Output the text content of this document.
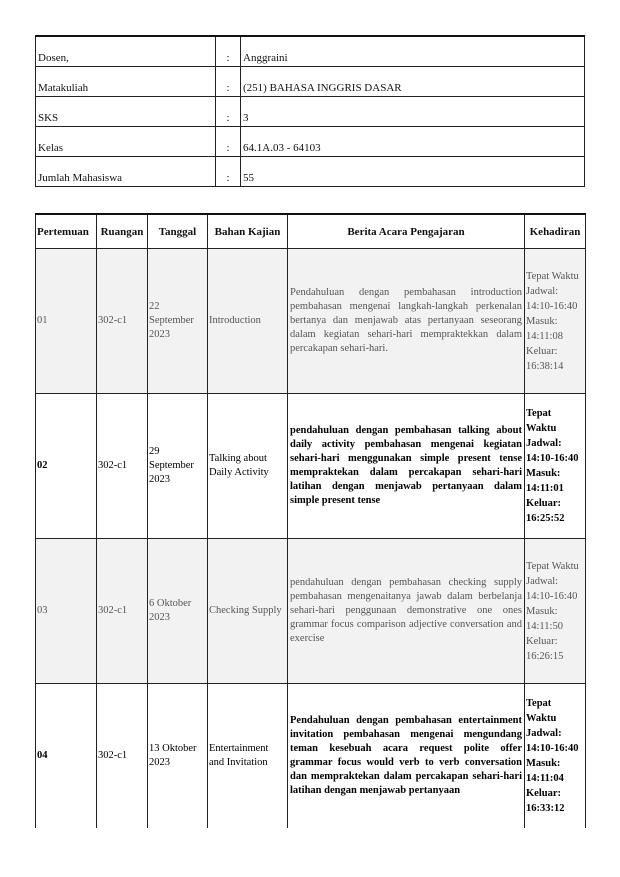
Dosen,	:	Anggraini
Matakuliah	:	(251) BAHASA INGGRIS DASAR
SKS	:	3
Kelas	:	64.1A.03 - 64103
Jumlah Mahasiswa	:	55
Pertemuan	Ruangan	Tanggal	Bahan Kajian	Berita Acara Pengajaran	Kehadiran
01	302-c1	22 September 2023	Introduction	Pendahuluan dengan pembahasan introduction pembahasan mengenai langkah-langkah perkenalan bertanya dan menjawab atas pertanyaan seseorang dalam kegiatan sehari-hari mempraktekkan dalam percakapan sehari-hari.	Tepat Waktu Jadwal: 14:10-16:40 Masuk: 14:11:08 Keluar: 16:38:14
02	302-c1	29 September 2023	Talking about Daily Activity	pendahuluan dengan pembahasan talking about daily activity pembahasan mengenai kegiatan sehari-hari menggunakan simple present tense mempraktekan dalam percakapan sehari-hari latihan dengan menjawab pertanyaan dalam simple present tense	Tepat Waktu Jadwal: 14:10-16:40 Masuk: 14:11:01 Keluar: 16:25:52
03	302-c1	6 Oktober 2023	Checking Supply	pendahuluan dengan pembahasan checking supply pembahasan mengenaitanya jawab dalam berbelanja sehari-hari penggunaan demonstrative one ones grammar focus comparison adjective conversation and exercise	Tepat Waktu Jadwal: 14:10-16:40 Masuk: 14:11:50 Keluar: 16:26:15
04	302-c1	13 Oktober 2023	Entertainment and Invitation	Pendahuluan dengan pembahasan entertainment invitation pembahasan mengenai mengundang teman kesebuah acara request polite offer grammar focus would verb to verb conversation dan mempraktekan dalam percakapan sehari-hari latihan dengan menjawab pertanyaan	Tepat Waktu Jadwal: 14:10-16:40 Masuk: 14:11:04 Keluar: 16:33:12
